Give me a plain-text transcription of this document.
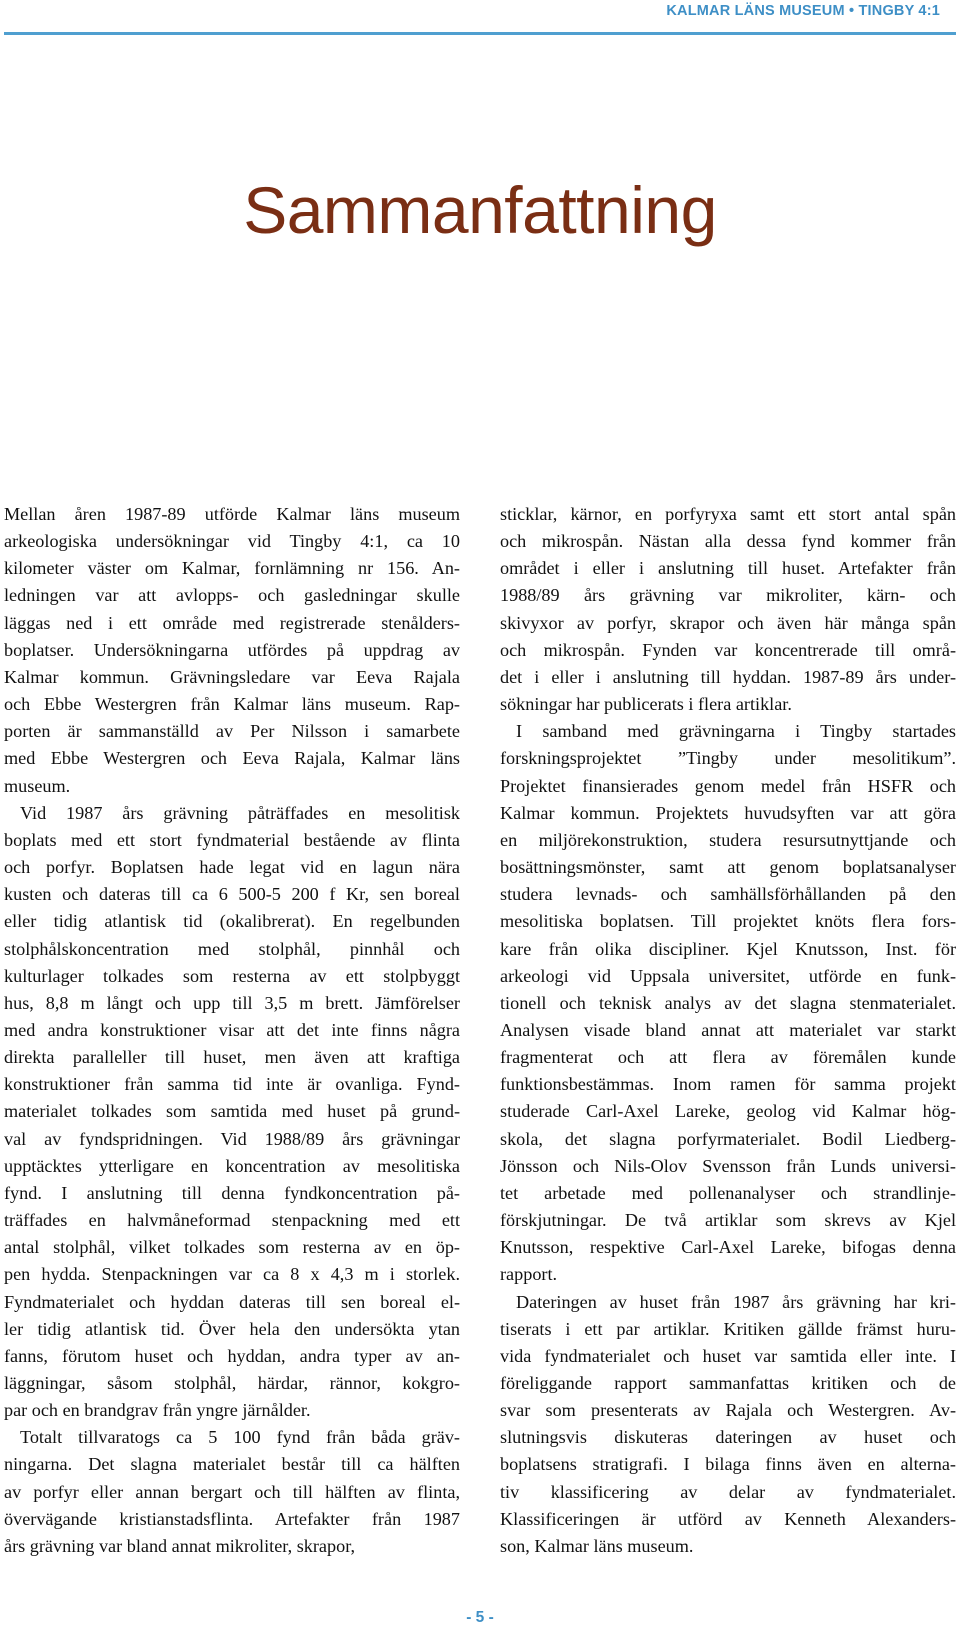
KALMAR LÄNS MUSEUM • TINGBY 4:1
Sammanfattning
Mellan åren 1987-89 utförde Kalmar läns museum
arkeologiska undersökningar vid Tingby 4:1, ca 10
kilometer väster om Kalmar, fornlämning nr 156. An-
ledningen var att avlopps- och gasledningar skulle
läggas ned i ett område med registrerade stenålders-
boplatser. Undersökningarna utfördes på uppdrag av
Kalmar kommun. Grävningsledare var Eeva Rajala
och Ebbe Westergren från Kalmar läns museum. Rap-
porten är sammanställd av Per Nilsson i samarbete
med Ebbe Westergren och Eeva Rajala, Kalmar läns
museum.
Vid 1987 års grävning påträffades en mesolitisk
boplats med ett stort fyndmaterial bestående av flinta
och porfyr. Boplatsen hade legat vid en lagun nära
kusten och dateras till ca 6 500-5 200 f Kr, sen boreal
eller tidig atlantisk tid (okalibrerat). En regelbunden
stolphålskoncentration med stolphål, pinnhål och
kulturlager tolkades som resterna av ett stolpbyggt
hus, 8,8 m långt och upp till 3,5 m brett. Jämförelser
med andra konstruktioner visar att det inte finns några
direkta paralleller till huset, men även att kraftiga
konstruktioner från samma tid inte är ovanliga. Fynd-
materialet tolkades som samtida med huset på grund-
val av fyndspridningen. Vid 1988/89 års grävningar
upptäcktes ytterligare en koncentration av mesolitiska
fynd. I anslutning till denna fyndkoncentration på-
träffades en halvmåneformad stenpackning med ett
antal stolphål, vilket tolkades som resterna av en öp-
pen hydda. Stenpackningen var ca 8 x 4,3 m i storlek.
Fyndmaterialet och hyddan dateras till sen boreal el-
ler tidig atlantisk tid. Över hela den undersökta ytan
fanns, förutom huset och hyddan, andra typer av an-
läggningar, såsom stolphål, härdar, rännor, kokgro-
par och en brandgrav från yngre järnålder.
Totalt tillvaratogs ca 5 100 fynd från båda gräv-
ningarna. Det slagna materialet består till ca hälften
av porfyr eller annan bergart och till hälften av flinta,
övervägande kristianstadsflinta. Artefakter från 1987
års grävning var bland annat mikroliter, skrapor,
sticklar, kärnor, en porfyryxa samt ett stort antal spån
och mikrospån. Nästan alla dessa fynd kommer från
området i eller i anslutning till huset. Artefakter från
1988/89 års grävning var mikroliter, kärn- och
skivyxor av porfyr, skrapor och även här många spån
och mikrospån. Fynden var koncentrerade till områ-
det i eller i anslutning till hyddan. 1987-89 års under-
sökningar har publicerats i flera artiklar.
I samband med grävningarna i Tingby startades
forskningsprojektet ”Tingby under mesolitikum”.
Projektet finansierades genom medel från HSFR och
Kalmar kommun. Projektets huvudsyften var att göra
en miljörekonstruktion, studera resursutnyttjande och
bosättningsmönster, samt att genom boplatsanalyser
studera levnads- och samhällsförhållanden på den
mesolitiska boplatsen. Till projektet knöts flera fors-
kare från olika discipliner. Kjel Knutsson, Inst. för
arkeologi vid Uppsala universitet, utförde en funk-
tionell och teknisk analys av det slagna stenmaterialet.
Analysen visade bland annat att materialet var starkt
fragmenterat och att flera av föremålen kunde
funktionsbestämmas. Inom ramen för samma projekt
studerade Carl-Axel Lareke, geolog vid Kalmar hög-
skola, det slagna porfyrmaterialet. Bodil Liedberg-
Jönsson och Nils-Olov Svensson från Lunds universi-
tet arbetade med pollenanalyser och strandlinje-
förskjutningar. De två artiklar som skrevs av Kjel
Knutsson, respektive Carl-Axel Lareke, bifogas denna
rapport.
Dateringen av huset från 1987 års grävning har kri-
tiserats i ett par artiklar. Kritiken gällde främst huru-
vida fyndmaterialet och huset var samtida eller inte. I
föreliggande rapport sammanfattas kritiken och de
svar som presenterats av Rajala och Westergren. Av-
slutningsvis diskuteras dateringen av huset och
boplatsens stratigrafi. I bilaga finns även en alterna-
tiv klassificering av delar av fyndmaterialet.
Klassificeringen är utförd av Kenneth Alexanders-
son, Kalmar läns museum.
- 5 -
